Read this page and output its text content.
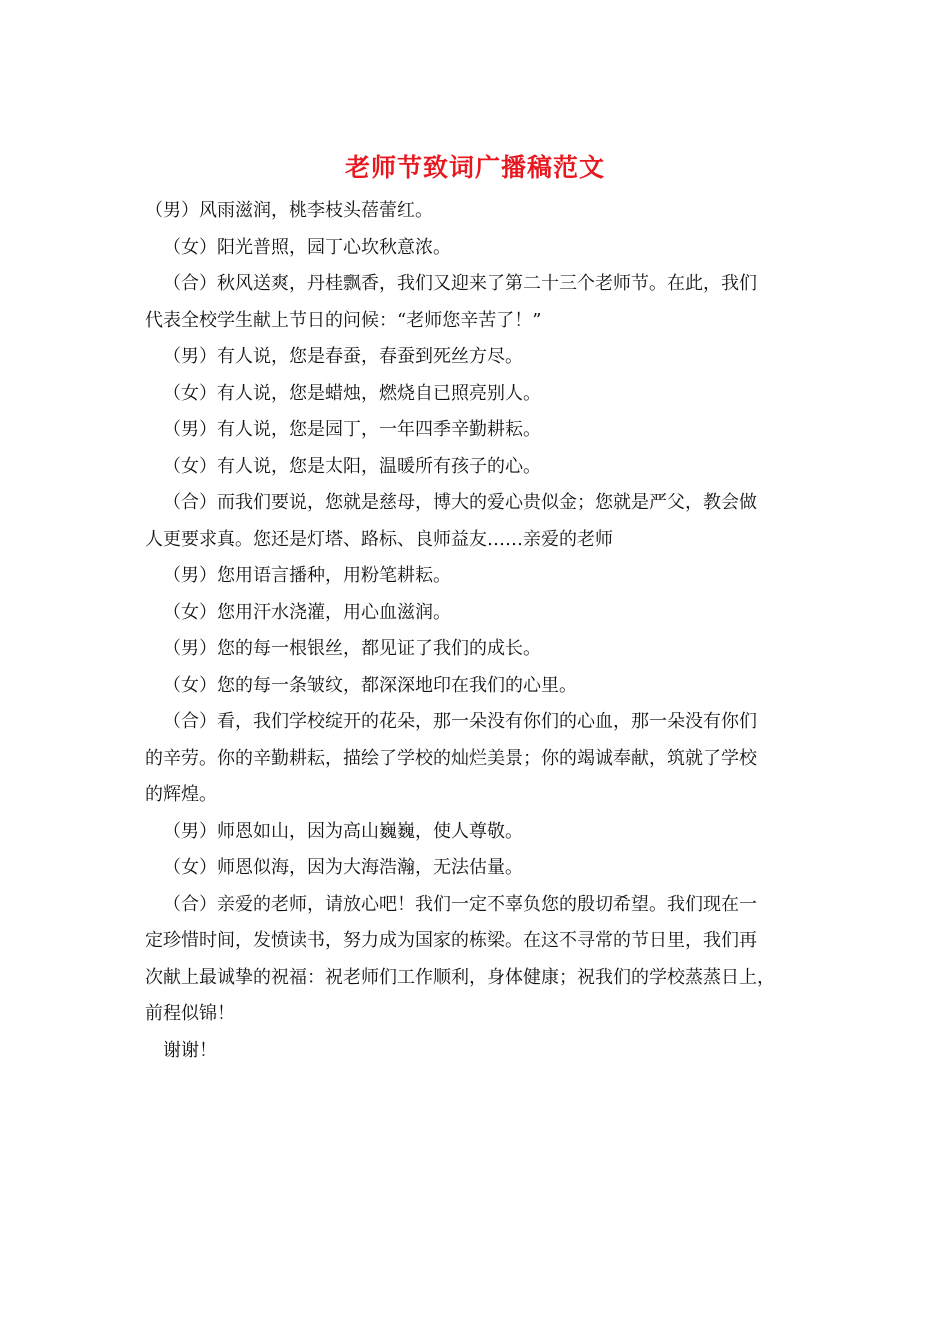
老师节致词广播稿范文

（男）风雨滋润，桃李枝头蓓蕾红。

（女）阳光普照，园丁心坎秋意浓。

（合）秋风送爽，丹桂飘香，我们又迎来了第二十三个老师节。在此，我们
代表全校学生献上节日的问候：“老师您辛苦了！”

（男）有人说，您是春蚕，春蚕到死丝方尽。

（女）有人说，您是蜡烛，燃烧自已照亮别人。

（男）有人说，您是园丁，一年四季辛勤耕耘。

（女）有人说，您是太阳，温暖所有孩子的心。

（合）而我们要说，您就是慈母，博大的爱心贵似金；您就是严父，教会做
人更要求真。您还是灯塔、路标、良师益友……亲爱的老师

（男）您用语言播种，用粉笔耕耘。

（女）您用汗水浇灌，用心血滋润。

（男）您的每一根银丝，都见证了我们的成长。

（女）您的每一条皱纹，都深深地印在我们的心里。

（合）看，我们学校绽开的花朵，那一朵没有你们的心血，那一朵没有你们
的辛劳。你的辛勤耕耘，描绘了学校的灿烂美景；你的竭诚奉献，筑就了学校
的辉煌。

（男）师恩如山，因为高山巍巍，使人尊敬。

（女）师恩似海，因为大海浩瀚，无法估量。

（合）亲爱的老师，请放心吧！我们一定不辜负您的殷切希望。我们现在一
定珍惜时间，发愤读书，努力成为国家的栋梁。在这不寻常的节日里，我们再
次献上最诚挚的祝福：祝老师们工作顺利，身体健康；祝我们的学校蒸蒸日上，
前程似锦！

谢谢！
